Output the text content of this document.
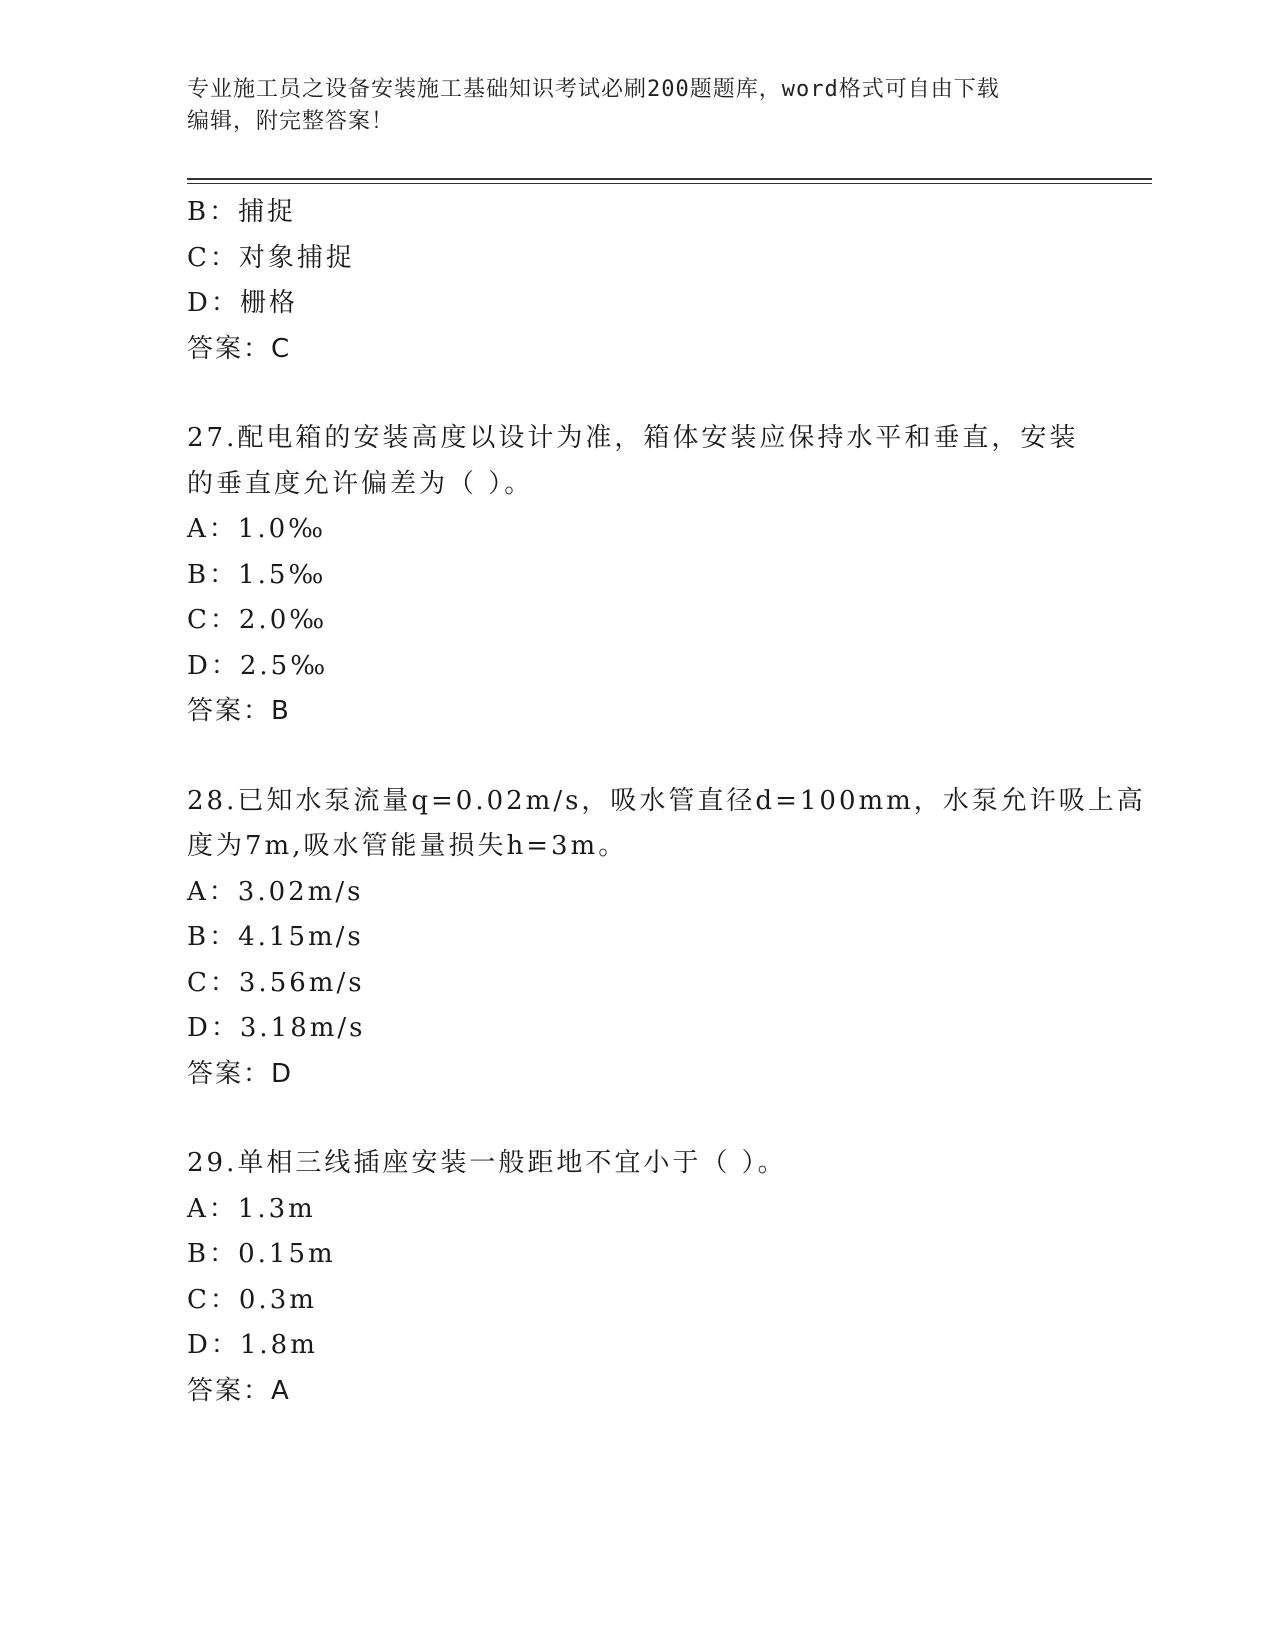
专业施工员之设备安装施工基础知识考试必刷200题题库，word格式可自由下载
编辑，附完整答案！
B：捕捉
C：对象捕捉
D：栅格
答案：C
27.配电箱的安装高度以设计为准，箱体安装应保持水平和垂直，安装
的垂直度允许偏差为（ ）。
A：1.0‰
B：1.5‰
C：2.0‰
D：2.5‰
答案：B
28.已知水泵流量q=0.02m/s，吸水管直径d=100mm，水泵允许吸上高
度为7m,吸水管能量损失h=3m。
A：3.02m/s
B：4.15m/s
C：3.56m/s
D：3.18m/s
答案：D
29.单相三线插座安装一般距地不宜小于（ ）。
A：1.3m
B：0.15m
C：0.3m
D：1.8m
答案：A
